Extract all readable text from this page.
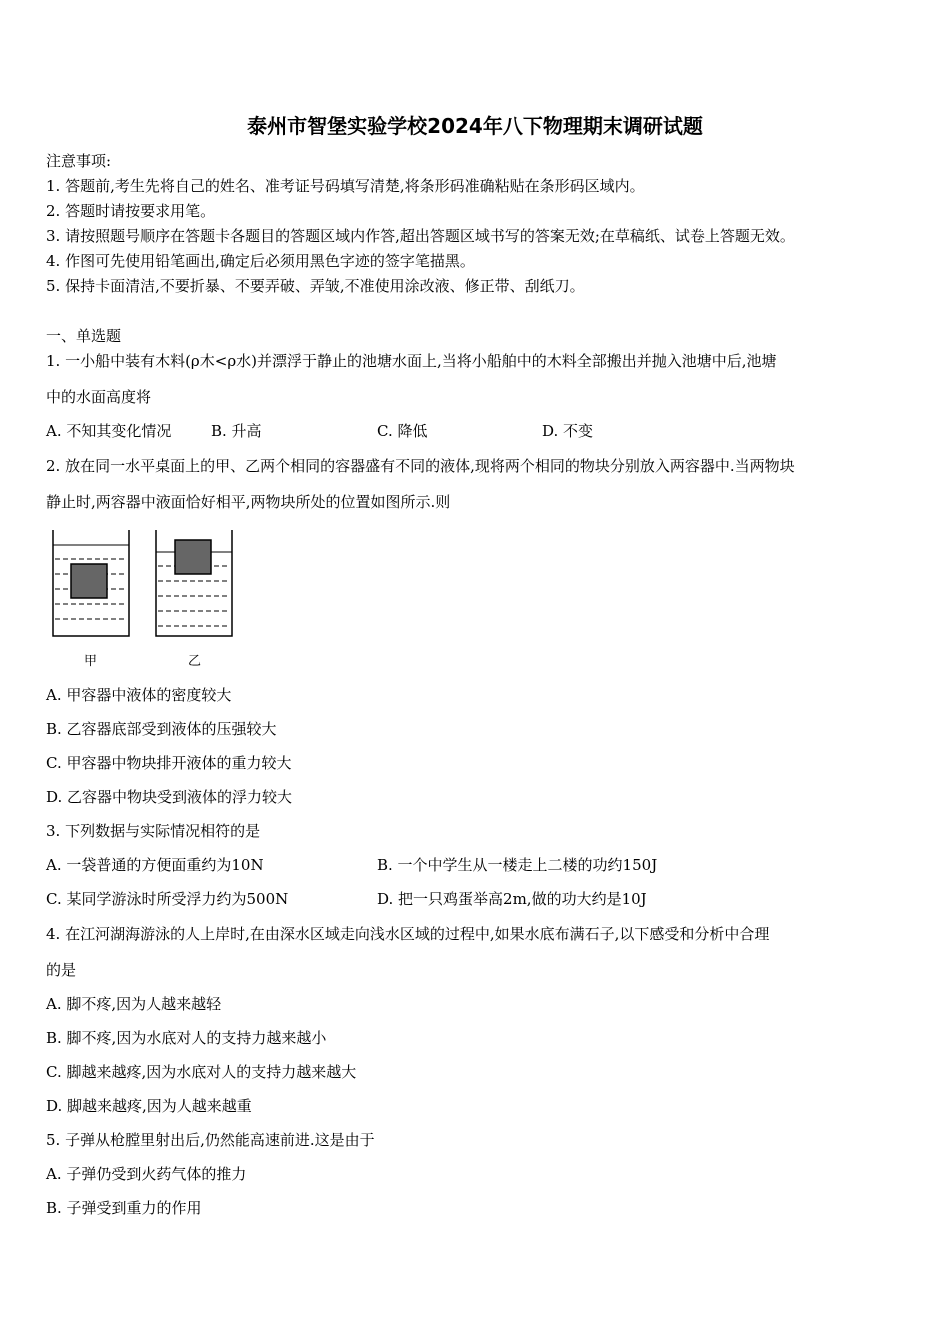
泰州市智堡实验学校2024年八下物理期末调研试题
注意事项:
1. 答题前,考生先将自己的姓名、准考证号码填写清楚,将条形码准确粘贴在条形码区域内。
2. 答题时请按要求用笔。
3. 请按照题号顺序在答题卡各题目的答题区域内作答,超出答题区域书写的答案无效;在草稿纸、试卷上答题无效。
4. 作图可先使用铅笔画出,确定后必须用黑色字迹的签字笔描黑。
5. 保持卡面清洁,不要折暴、不要弄破、弄皱,不准使用涂改液、修正带、刮纸刀。
一、单选题
1. 一小船中装有木料(ρ木<ρ水)并漂浮于静止的池塘水面上,当将小船舶中的木料全部搬出并抛入池塘中后,池塘
中的水面高度将
A. 不知其变化情况	B. 升高	C. 降低	D. 不变
2. 放在同一水平桌面上的甲、乙两个相同的容器盛有不同的液体,现将两个相同的物块分别放入两容器中.当两物块
静止时,两容器中液面恰好相平,两物块所处的位置如图所示.则
甲	乙
A. 甲容器中液体的密度较大
B. 乙容器底部受到液体的压强较大
C. 甲容器中物块排开液体的重力较大
D. 乙容器中物块受到液体的浮力较大
3. 下列数据与实际情况相符的是
A. 一袋普通的方便面重约为10N	B. 一个中学生从一楼走上二楼的功约150J
C. 某同学游泳时所受浮力约为500N	D. 把一只鸡蛋举高2m,做的功大约是10J
4. 在江河湖海游泳的人上岸时,在由深水区域走向浅水区域的过程中,如果水底布满石子,以下感受和分析中合理
的是
A. 脚不疼,因为人越来越轻
B. 脚不疼,因为水底对人的支持力越来越小
C. 脚越来越疼,因为水底对人的支持力越来越大
D. 脚越来越疼,因为人越来越重
5. 子弹从枪膛里射出后,仍然能高速前进.这是由于
A. 子弹仍受到火药气体的推力
B. 子弹受到重力的作用
